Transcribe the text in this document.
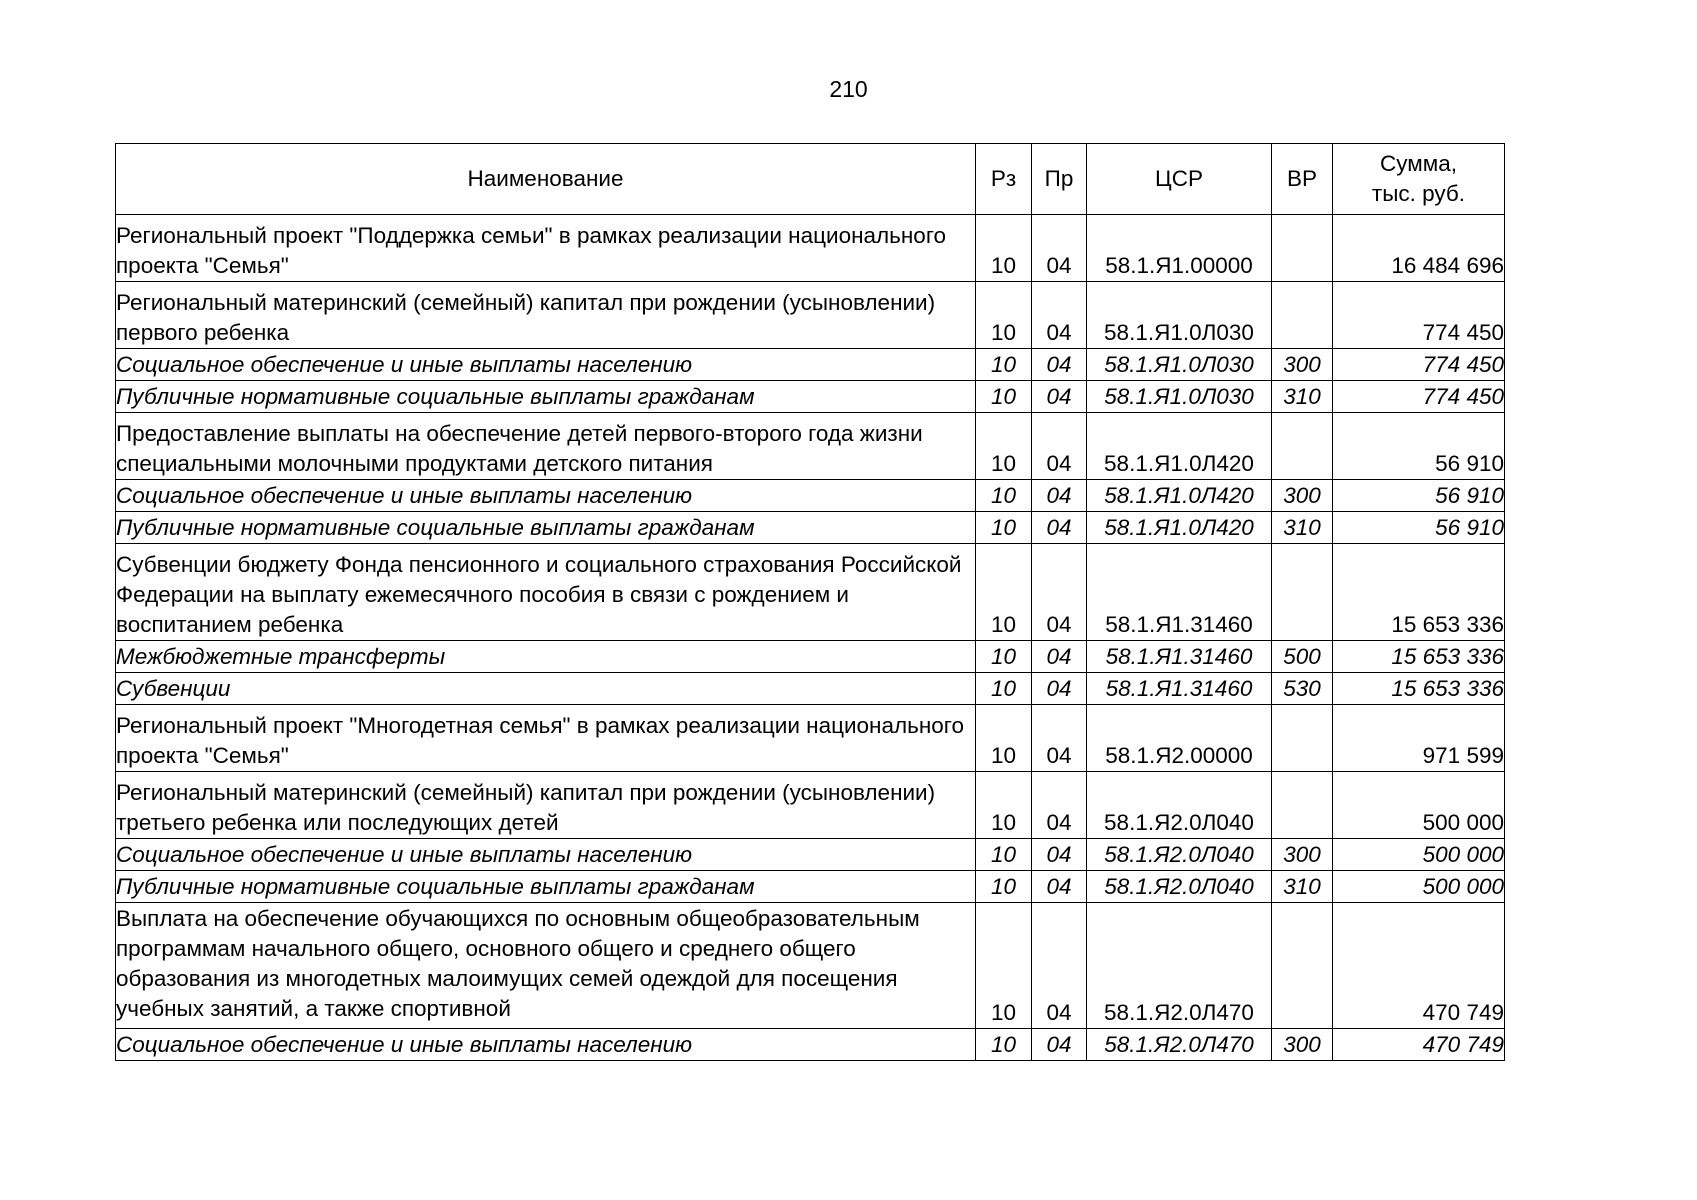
210
Наименование	Рз	Пр	ЦСР	ВР	Сумма,
тыс. руб.
Региональный проект "Поддержка семьи" в рамках реализации национального проекта "Семья"	10	04	58.1.Я1.00000		16 484 696
Региональный материнский (семейный) капитал при рождении (усыновлении) первого ребенка	10	04	58.1.Я1.0Л030		774 450
Социальное обеспечение и иные выплаты населению	10	04	58.1.Я1.0Л030	300	774 450
Публичные нормативные социальные выплаты гражданам	10	04	58.1.Я1.0Л030	310	774 450
Предоставление выплаты на обеспечение детей первого-второго года жизни специальными молочными продуктами детского питания	10	04	58.1.Я1.0Л420		56 910
Социальное обеспечение и иные выплаты населению	10	04	58.1.Я1.0Л420	300	56 910
Публичные нормативные социальные выплаты гражданам	10	04	58.1.Я1.0Л420	310	56 910
Субвенции бюджету Фонда пенсионного и социального страхования Российской Федерации на выплату ежемесячного пособия в связи с рождением и воспитанием ребенка	10	04	58.1.Я1.31460		15 653 336
Межбюджетные трансферты	10	04	58.1.Я1.31460	500	15 653 336
Субвенции	10	04	58.1.Я1.31460	530	15 653 336
Региональный проект "Многодетная семья" в рамках реализации национального проекта "Семья"	10	04	58.1.Я2.00000		971 599
Региональный материнский (семейный) капитал при рождении (усыновлении) третьего ребенка или последующих детей	10	04	58.1.Я2.0Л040		500 000
Социальное обеспечение и иные выплаты населению	10	04	58.1.Я2.0Л040	300	500 000
Публичные нормативные социальные выплаты гражданам	10	04	58.1.Я2.0Л040	310	500 000

Выплата на обеспечение обучающихся по основным общеобразовательным программам начального общего, основного общего и среднего общего образования из многодетных малоимущих семей одеждой для посещения учебных занятий, а также спортивной	10	04	58.1.Я2.0Л470		470 749
Социальное обеспечение и иные выплаты населению	10	04	58.1.Я2.0Л470	300	470 749
